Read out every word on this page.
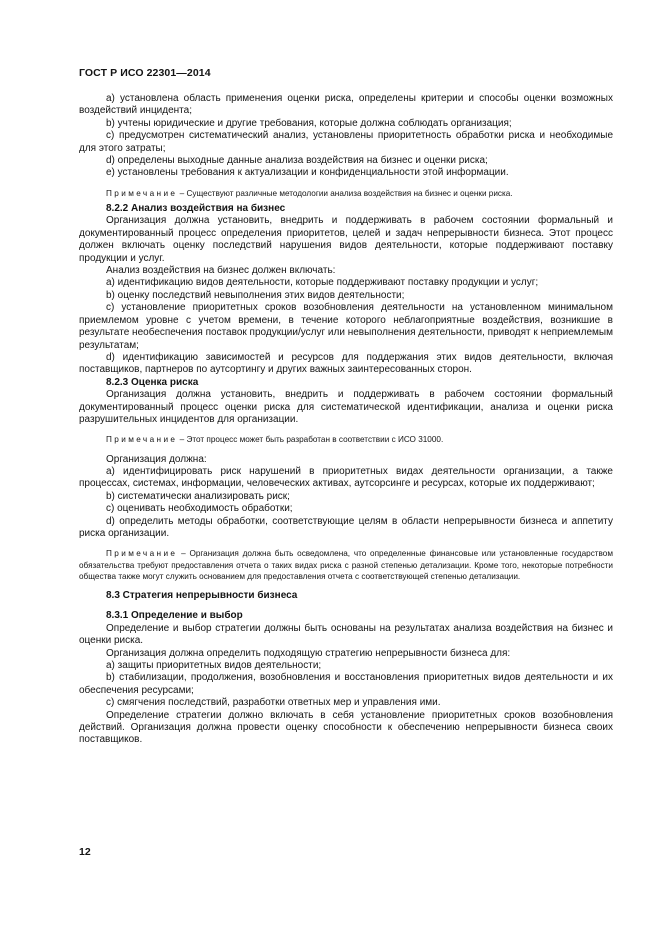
ГОСТ Р ИСО 22301—2014

a) установлена область применения оценки риска, определены критерии и способы оценки возможных воздействий инцидента;

b) учтены юридические и другие требования, которые должна соблюдать организация;

c) предусмотрен систематический анализ, установлены приоритетность обработки риска и необходимые для этого затраты;

d) определены выходные данные анализа воздействия на бизнес и оценки риска;

e) установлены требования к актуализации и конфиденциальности этой информации.

Примечание – Существуют различные методологии анализа воздействия на бизнес и оценки риска.

8.2.2 Анализ воздействия на бизнес

Организация должна установить, внедрить и поддерживать в рабочем состоянии формальный и документированный процесс определения приоритетов, целей и задач непрерывности бизнеса. Этот процесс должен включать оценку последствий нарушения видов деятельности, которые поддерживают поставку продукции и услуг.

Анализ воздействия на бизнес должен включать:

a) идентификацию видов деятельности, которые поддерживают поставку продукции и услуг;

b) оценку последствий невыполнения этих видов деятельности;

c) установление приоритетных сроков возобновления деятельности на установленном минимальном приемлемом уровне с учетом времени, в течение которого неблагоприятные воздействия, возникшие в результате необеспечения поставок продукции/услуг или невыполнения деятельности, приводят к неприемлемым результатам;

d) идентификацию зависимостей и ресурсов для поддержания этих видов деятельности, включая поставщиков, партнеров по аутсортингу и других важных заинтересованных сторон.

8.2.3 Оценка риска

Организация должна установить, внедрить и поддерживать в рабочем состоянии формальный документированный процесс оценки риска для систематической идентификации, анализа и оценки риска разрушительных инцидентов для организации.

Примечание – Этот процесс может быть разработан в соответствии с ИСО 31000.

Организация должна:

a) идентифицировать риск нарушений в приоритетных видах деятельности организации, а также процессах, системах, информации, человеческих активах, аутсорсинге и ресурсах, которые их поддерживают;

b) систематически анализировать риск;

c) оценивать необходимость обработки;

d) определить методы обработки, соответствующие целям в области непрерывности бизнеса и аппетиту риска организации.

Примечание – Организация должна быть осведомлена, что определенные финансовые или установленные государством обязательства требуют предоставления отчета о таких видах риска с разной степенью детализации. Кроме того, некоторые потребности общества также могут служить основанием для предоставления отчета с соответствующей степенью детализации.

8.3 Стратегия непрерывности бизнеса

8.3.1 Определение и выбор

Определение и выбор стратегии должны быть основаны на результатах анализа воздействия на бизнес и оценки риска.

Организация должна определить подходящую стратегию непрерывности бизнеса для:

a) защиты приоритетных видов деятельности;

b) стабилизации, продолжения, возобновления и восстановления приоритетных видов деятельности и их обеспечения ресурсами;

c) смягчения последствий, разработки ответных мер и управления ими.

Определение стратегии должно включать в себя установление приоритетных сроков возобновления действий. Организация должна провести оценку способности к обеспечению непрерывности бизнеса своих поставщиков.

12
